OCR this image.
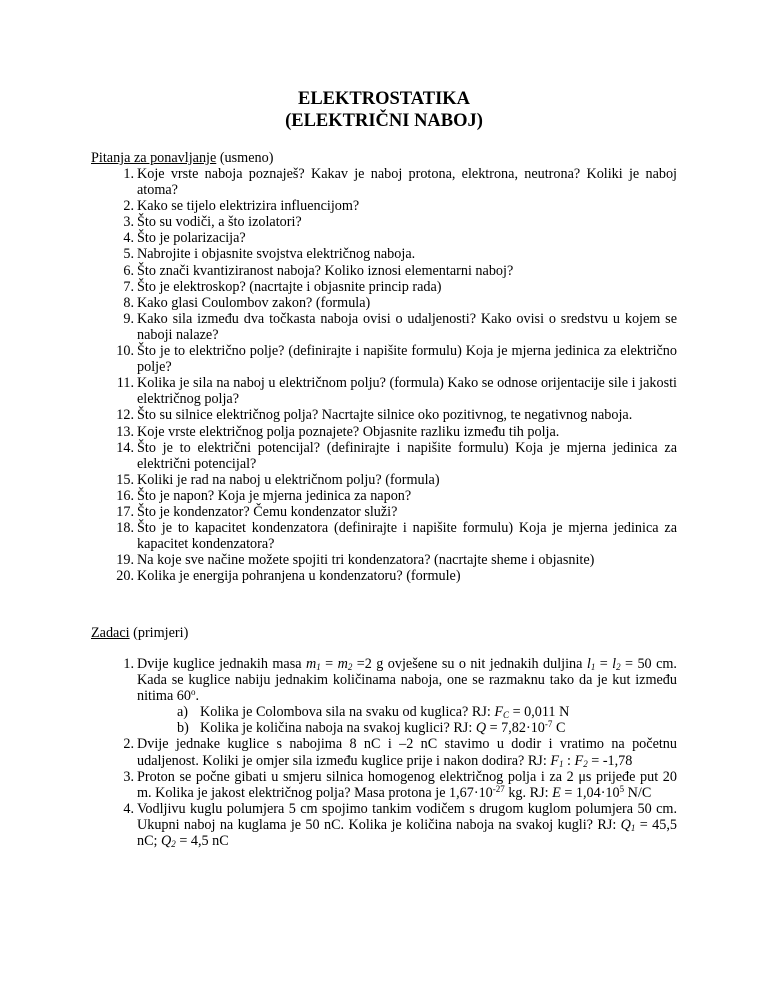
ELEKTROSTATIKA
(ELEKTRIČNI NABOJ)
Pitanja za ponavljanje (usmeno)
1. Koje vrste naboja poznaješ? Kakav je naboj protona, elektrona, neutrona? Koliki je naboj atoma?
2. Kako se tijelo elektrizira influencijom?
3. Što su vodiči, a što izolatori?
4. Što je polarizacija?
5. Nabrojite i objasnite svojstva električnog naboja.
6. Što znači kvantiziranost naboja? Koliko iznosi elementarni naboj?
7. Što je elektroskop? (nacrtajte i objasnite princip rada)
8. Kako glasi Coulombov zakon? (formula)
9. Kako sila između dva točkasta naboja ovisi o udaljenosti? Kako ovisi o sredstvu u kojem se naboji nalaze?
10. Što je to električno polje? (definirajte i napišite formulu) Koja je mjerna jedinica za električno polje?
11. Kolika je sila na naboj u električnom polju? (formula) Kako se odnose orijentacije sile i jakosti električnog polja?
12. Što su silnice električnog polja? Nacrtajte silnice oko pozitivnog, te negativnog naboja.
13. Koje vrste električnog polja poznajete? Objasnite razliku između tih polja.
14. Što je to električni potencijal? (definirajte i napišite formulu) Koja je mjerna jedinica za električni potencijal?
15. Koliki je rad na naboj u električnom polju? (formula)
16. Što je napon? Koja je mjerna jedinica za napon?
17. Što je kondenzator? Čemu kondenzator služi?
18. Što je to kapacitet kondenzatora (definirajte i napišite formulu) Koja je mjerna jedinica za kapacitet kondenzatora?
19. Na koje sve načine možete spojiti tri kondenzatora? (nacrtajte sheme i objasnite)
20. Kolika je energija pohranjena u kondenzatoru? (formule)
Zadaci (primjeri)
1. Dvije kuglice jednakih masa $m_1 = m_2 =2$ g ovješene su o nit jednakih duljina $l_1 = l_2 = 50$ cm. Kada se kuglice nabiju jednakim količinama naboja, one se razmaknu tako da je kut između nitima 60$^o$.
a) Kolika je Colombova sila na svaku od kuglica? RJ: $F_C = 0,011$ N
b) Kolika je količina naboja na svakoj kuglici? RJ: $Q = 7,82\cdot 10^{-7}$ C
2. Dvije jednake kuglice s nabojima 8 nC i –2 nC stavimo u dodir i vratimo na početnu udaljenost. Koliki je omjer sila između kuglice prije i nakon dodira? RJ: $F_1$ : $F_2 = -1,78$
3. Proton se počne gibati u smjeru silnica homogenog električnog polja i za 2 μs prijeđe put 20 m. Kolika je jakost električnog polja? Masa protona je $1,67\cdot 10^{-27}$ kg. RJ: $E = 1,04\cdot 10^5$ N/C
4. Vodljivu kuglu polumjera 5 cm spojimo tankim vodičem s drugom kuglom polumjera 50 cm. Ukupni naboj na kuglama je 50 nC. Kolika je količina naboja na svakoj kugli? RJ: $Q_1 = 45,5$ nC; $Q_2 = 4,5$ nC
